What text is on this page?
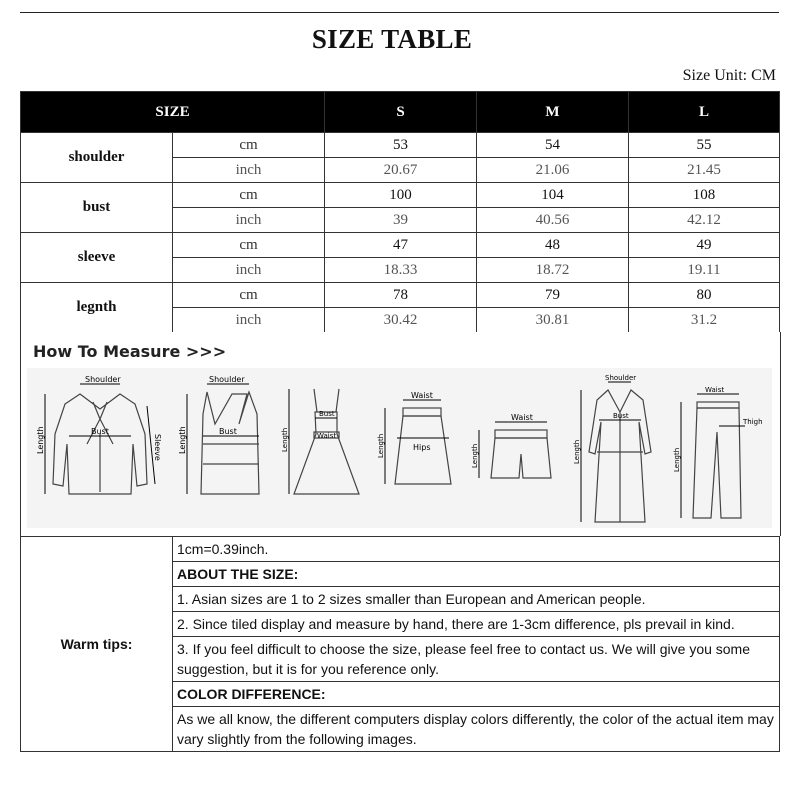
SIZE TABLE
Size Unit: CM
SIZE		S	M	L
shoulder	cm	53	54	55
	inch	20.67	21.06	21.45
bust	cm	100	104	108
	inch	39	40.56	42.12
sleeve	cm	47	48	49
	inch	18.33	18.72	19.11
legnth	cm	78	79	80
	inch	30.42	30.81	31.2
How To Measure >>>
Shoulder
Bust
Length	Sleeve
Shoulder
Bust
Length
Bust
Waist
Length
Waist
Hips
Length
Waist
Length
Shoulder
Bust
Length
Waist
Thigh
Length
Warm tips:	1cm=0.39inch.
ABOUT THE SIZE:
1. Asian sizes are 1 to 2 sizes smaller than European and American people.
2. Since tiled display and measure by hand, there are 1-3cm difference, pls prevail in kind.
3. If you feel difficult to choose the size, please feel free to contact us. We will give you some suggestion, but it is for you reference only.
COLOR DIFFERENCE:
As we all know, the different computers display colors differently, the color of the actual item may vary slightly from the following images.
